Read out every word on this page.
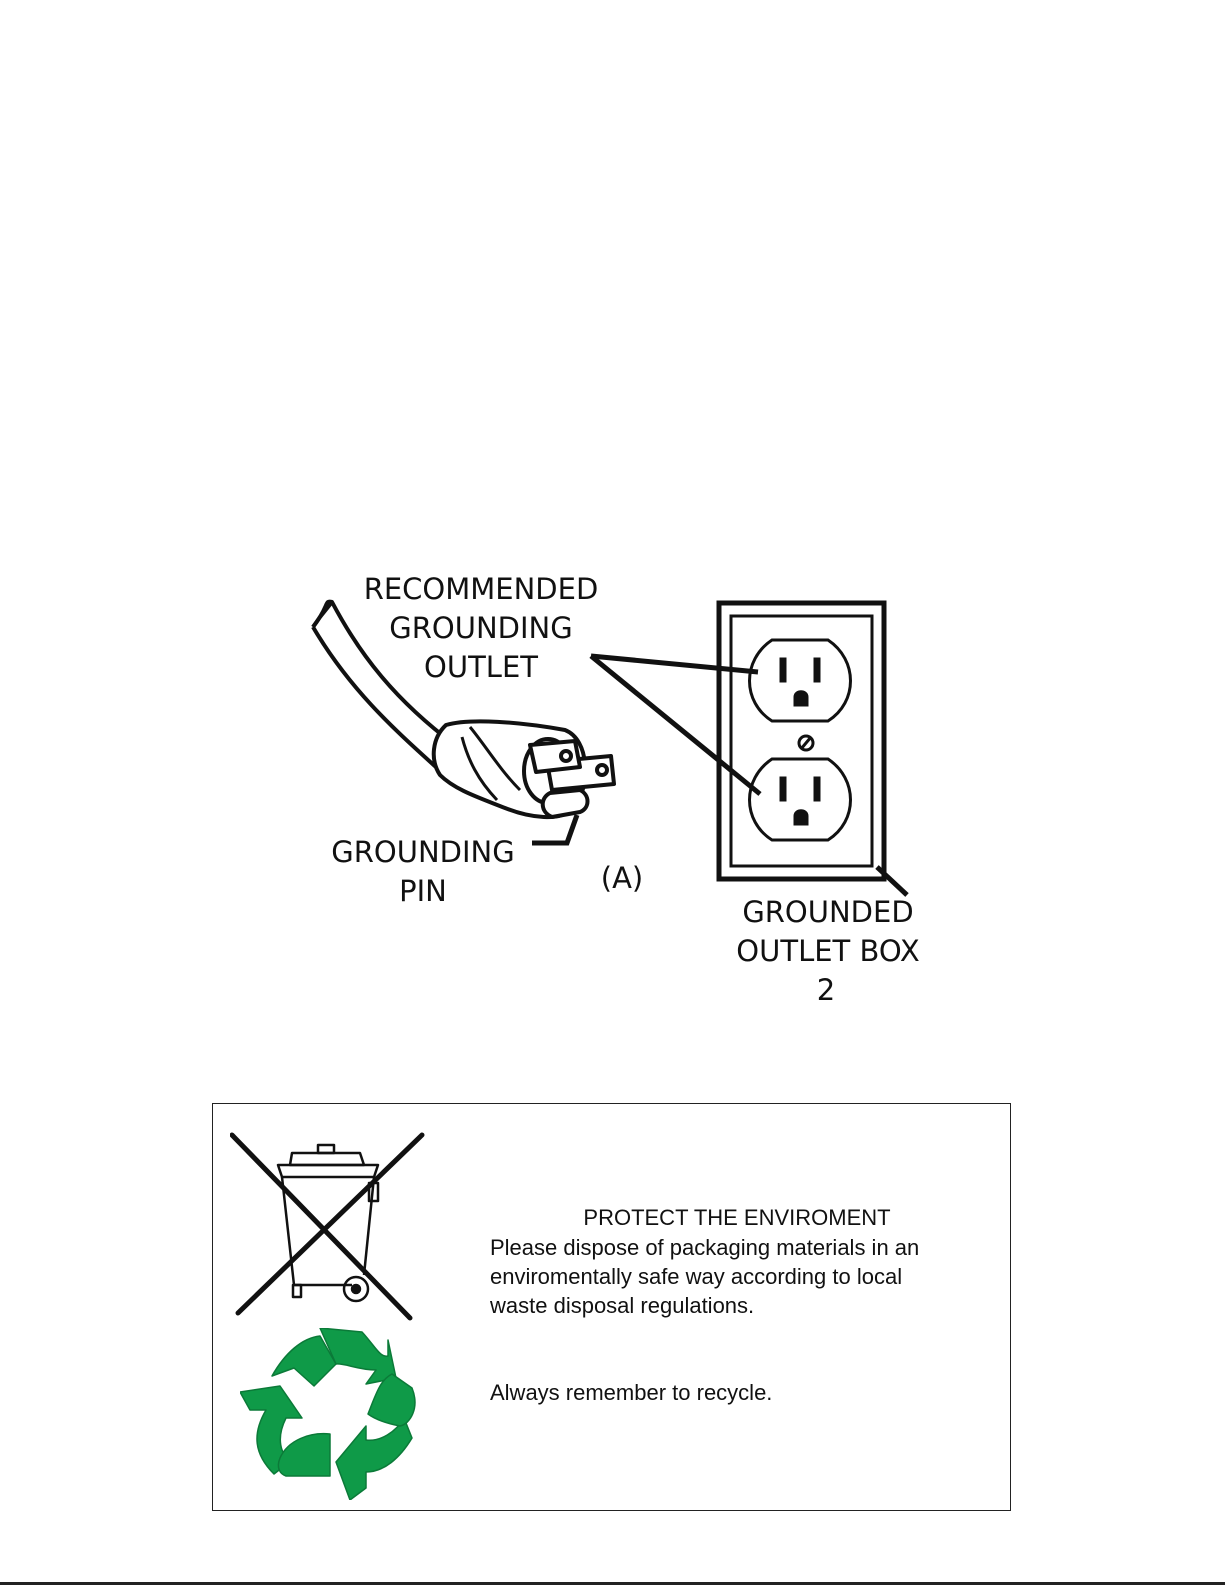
RECOMMENDED
GROUNDING
OUTLET
GROUNDING
PIN	(A)
GROUNDED
OUTLET BOX
2
PROTECT THE ENVIROMENT
Please dispose of packaging materials in an
enviromentally safe way according to local
waste disposal regulations.
Always remember to recycle.
